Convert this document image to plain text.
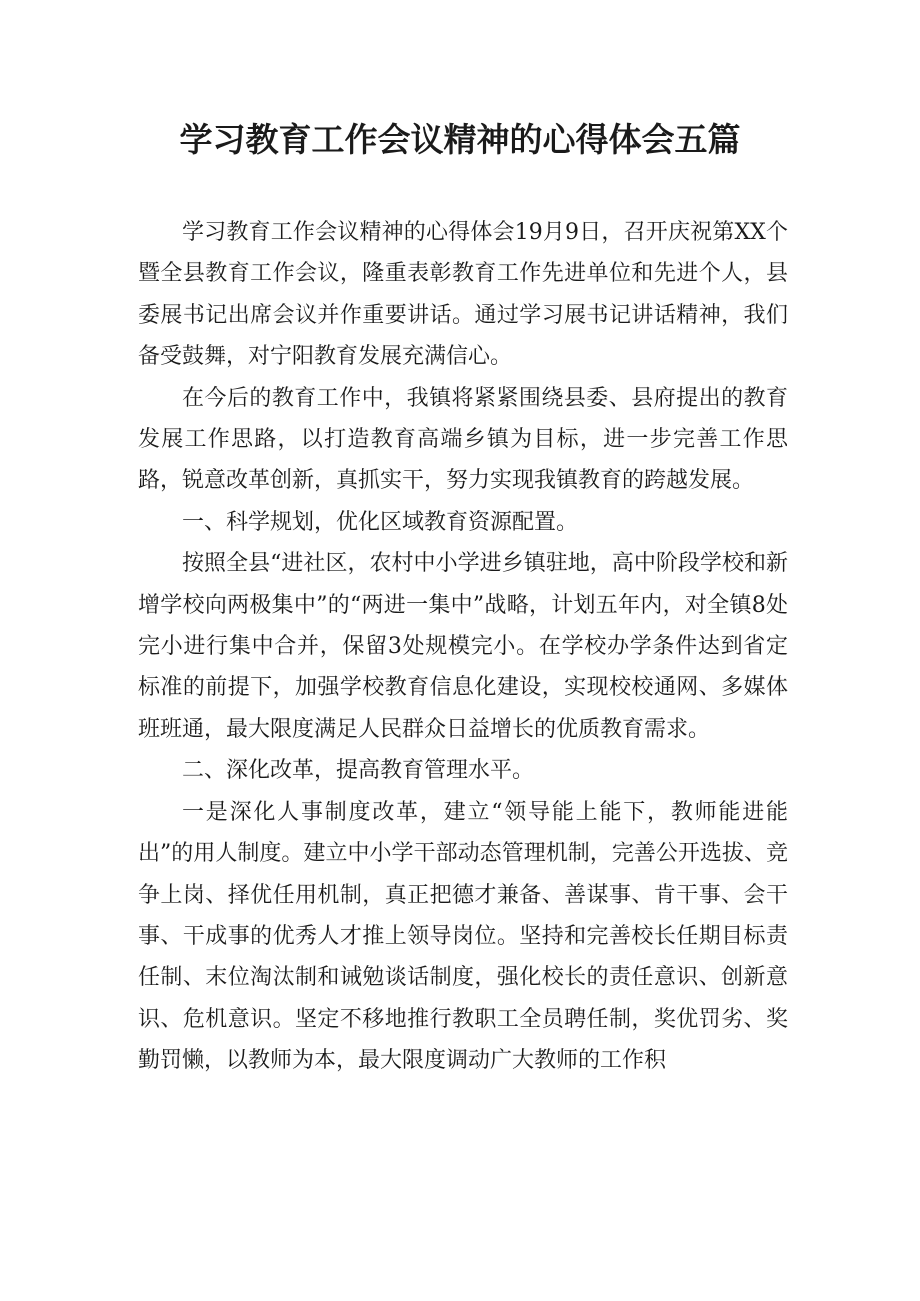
学习教育工作会议精神的心得体会五篇

学习教育工作会议精神的心得体会19月9日，召开庆祝第XX个暨全县教育工作会议，隆重表彰教育工作先进单位和先进个人，县委展书记出席会议并作重要讲话。通过学习展书记讲话精神，我们备受鼓舞，对宁阳教育发展充满信心。

在今后的教育工作中，我镇将紧紧围绕县委、县府提出的教育发展工作思路，以打造教育高端乡镇为目标，进一步完善工作思路，锐意改革创新，真抓实干，努力实现我镇教育的跨越发展。

一、科学规划，优化区域教育资源配置。

按照全县“进社区，农村中小学进乡镇驻地，高中阶段学校和新增学校向两极集中”的“两进一集中”战略，计划五年内，对全镇8处完小进行集中合并，保留3处规模完小。在学校办学条件达到省定标准的前提下，加强学校教育信息化建设，实现校校通网、多媒体班班通，最大限度满足人民群众日益增长的优质教育需求。

二、深化改革，提高教育管理水平。

一是深化人事制度改革，建立“领导能上能下，教师能进能出”的用人制度。建立中小学干部动态管理机制，完善公开选拔、竞争上岗、择优任用机制，真正把德才兼备、善谋事、肯干事、会干事、干成事的优秀人才推上领导岗位。坚持和完善校长任期目标责任制、末位淘汰制和诫勉谈话制度，强化校长的责任意识、创新意识、危机意识。坚定不移地推行教职工全员聘任制，奖优罚劣、奖勤罚懒，以教师为本，最大限度调动广大教师的工作积
